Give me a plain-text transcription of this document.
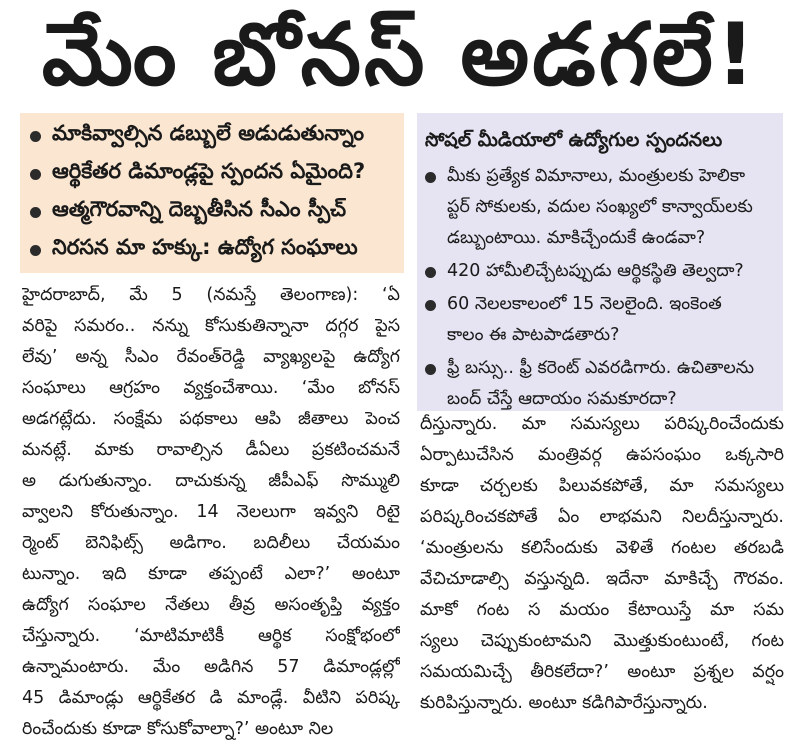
మేం బోనస్ అడగలే!
మాకివ్వాల్సిన డబ్బులే అడుడుతున్నాం
ఆర్థికేతర డిమాండ్లపై స్పందన ఏమైంది?
ఆత్మగౌరవాన్ని దెబ్బతీసిన సీఎం స్పీచ్
నిరసన మా హక్కు: ఉద్యోగ సంఘాలు
సోషల్ మీడియాలో ఉద్యోగుల స్పందనలు
మీకు ప్రత్యేక విమానాలు, మంత్రులకు హెలికా
ప్టర్ సోకులకు, వదుల సంఖ్యలో కాన్వాయ్‌లకు
డబ్బుంటాయి. మాకిచ్చేందుకే ఉండవా?
420 హామీలిచ్చేటప్పుడు ఆర్థికస్థితి తెల్వదా?
60 నెలలకాలంలో 15 నెలలైంది. ఇంకెంత
కాలం ఈ పాటపాడతారు?
ఫ్రీ బస్సు.. ఫ్రీ కరెంట్ ఎవరడిగారు. ఉచితాలను
బంద్ చేస్తే ఆదాయం సమకూరదా?
హైదరాబాద్, మే 5 (నమస్తే తెలంగాణ): ‘ఏ
వరిపై సమరం.. నన్ను కోసుకుతిన్నానా దగ్గర పైస
లేవు’ అన్న సీఎం రేవంత్‌రెడ్డి వ్యాఖ్యలపై ఉద్యోగ
సంఘాలు ఆగ్రహం వ్యక్తంచేశాయి. ‘మేం బోనస్
అడగట్లేదు. సంక్షేమ పథకాలు ఆపి జీతాలు పెంచ
మనట్లే. మాకు రావాల్సిన డీఏలు ప్రకటించమనే
అ డుగుతున్నాం. దాచుకున్న జీపీఎఫ్ సొమ్ములి
వ్వాలని కోరుతున్నాం. 14 నెలలుగా ఇవ్వని రిటై
ర్మెంట్ బెనిఫిట్స్ అడిగాం. బదిలీలు చేయమం
టున్నాం. ఇది కూడా తప్పంటే ఎలా?’ అంటూ
ఉద్యోగ సంఘాల నేతలు తీవ్ర అసంతృప్తి వ్యక్తం
చేస్తున్నారు. ‘మాటిమాటికీ ఆర్థిక సంక్షోభంలో
ఉన్నామంటారు. మేం అడిగిన 57 డిమాండ్లల్లో
45 డిమాండ్లు ఆర్థికేతర డి మాండ్లే. వీటిని పరిష్క
రించేందుకు కూడా కోసుకోవాల్నా?’ అంటూ నిల
దీస్తున్నారు. మా సమస్యలు పరిష్కరించేందుకు
ఏర్పాటుచేసిన మంత్రివర్గ ఉపసంఘం ఒక్కసారి
కూడా చర్చలకు పిలువకపోతే, మా సమస్యలు
పరిష్కరించకపోతే ఏం లాభమని నిలదీస్తున్నారు.
‘మంత్రులను కలిసేందుకు వెళితే గంటల తరబడి
వేచిచూడాల్సి వస్తున్నది. ఇదేనా మాకిచ్చే గౌరవం.
మాకో గంట స మయం కేటాయిస్తే మా సమ
స్యలు చెప్పుకుంటామని మొత్తుకుంటుంటే, గంట
సమయమిచ్చే తీరికలేదా?’ అంటూ ప్రశ్నల వర్షం
కురిపిస్తున్నారు. అంటూ కడిగిపారేస్తున్నారు.
